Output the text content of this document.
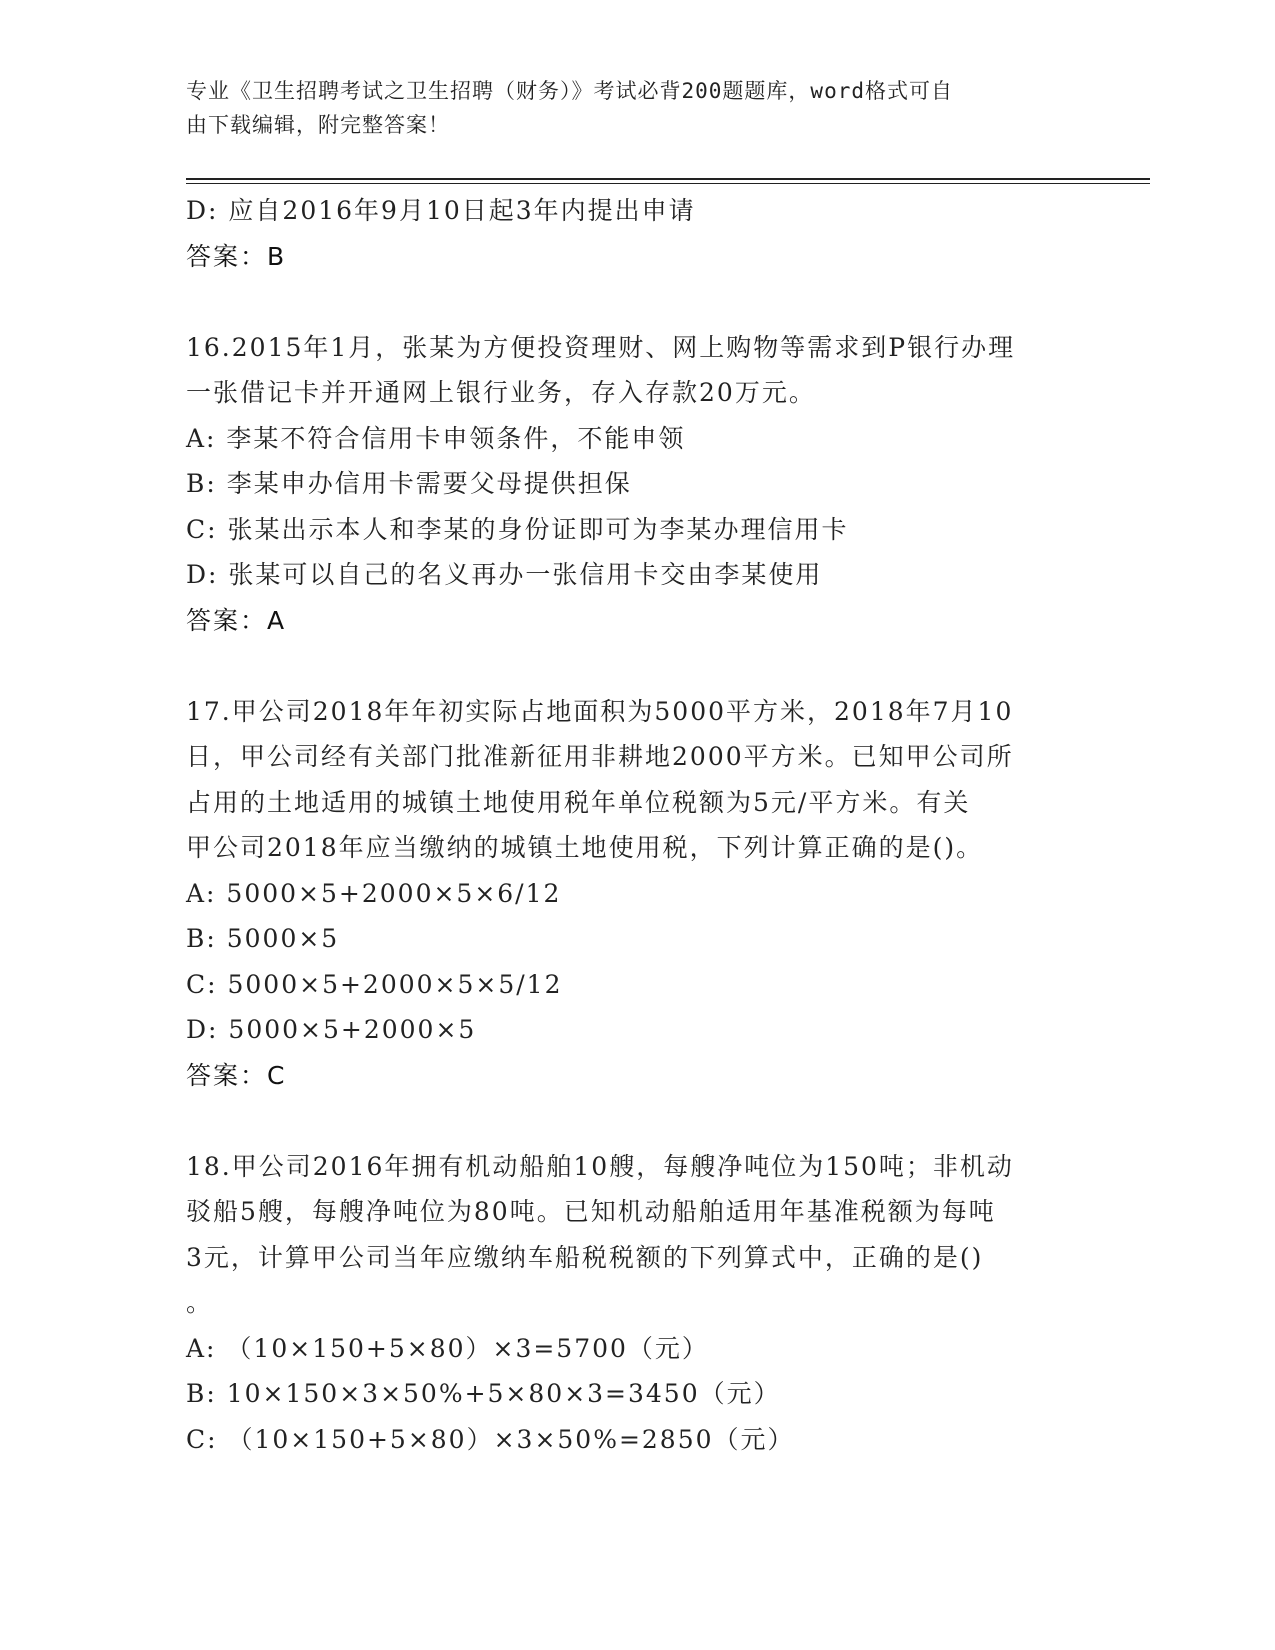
专业《卫生招聘考试之卫生招聘（财务）》考试必背200题题库，word格式可自
由下载编辑，附完整答案！
D: 应自2016年9月10日起3年内提出申请
答案：B
16.2015年1月，张某为方便投资理财、网上购物等需求到P银行办理
一张借记卡并开通网上银行业务，存入存款20万元。
A: 李某不符合信用卡申领条件，不能申领
B: 李某申办信用卡需要父母提供担保
C: 张某出示本人和李某的身份证即可为李某办理信用卡
D: 张某可以自己的名义再办一张信用卡交由李某使用
答案：A
17.甲公司2018年年初实际占地面积为5000平方米，2018年7月10
日，甲公司经有关部门批准新征用非耕地2000平方米。已知甲公司所
占用的土地适用的城镇土地使用税年单位税额为5元/平方米。有关
甲公司2018年应当缴纳的城镇土地使用税，下列计算正确的是()。
A: 5000×5+2000×5×6/12
B: 5000×5
C: 5000×5+2000×5×5/12
D: 5000×5+2000×5
答案：C
18.甲公司2016年拥有机动船舶10艘，每艘净吨位为150吨；非机动
驳船5艘，每艘净吨位为80吨。已知机动船舶适用年基准税额为每吨
3元，计算甲公司当年应缴纳车船税税额的下列算式中，正确的是()
。
A: （10×150+5×80）×3=5700（元）
B: 10×150×3×50%+5×80×3=3450（元）
C: （10×150+5×80）×3×50%=2850（元）
